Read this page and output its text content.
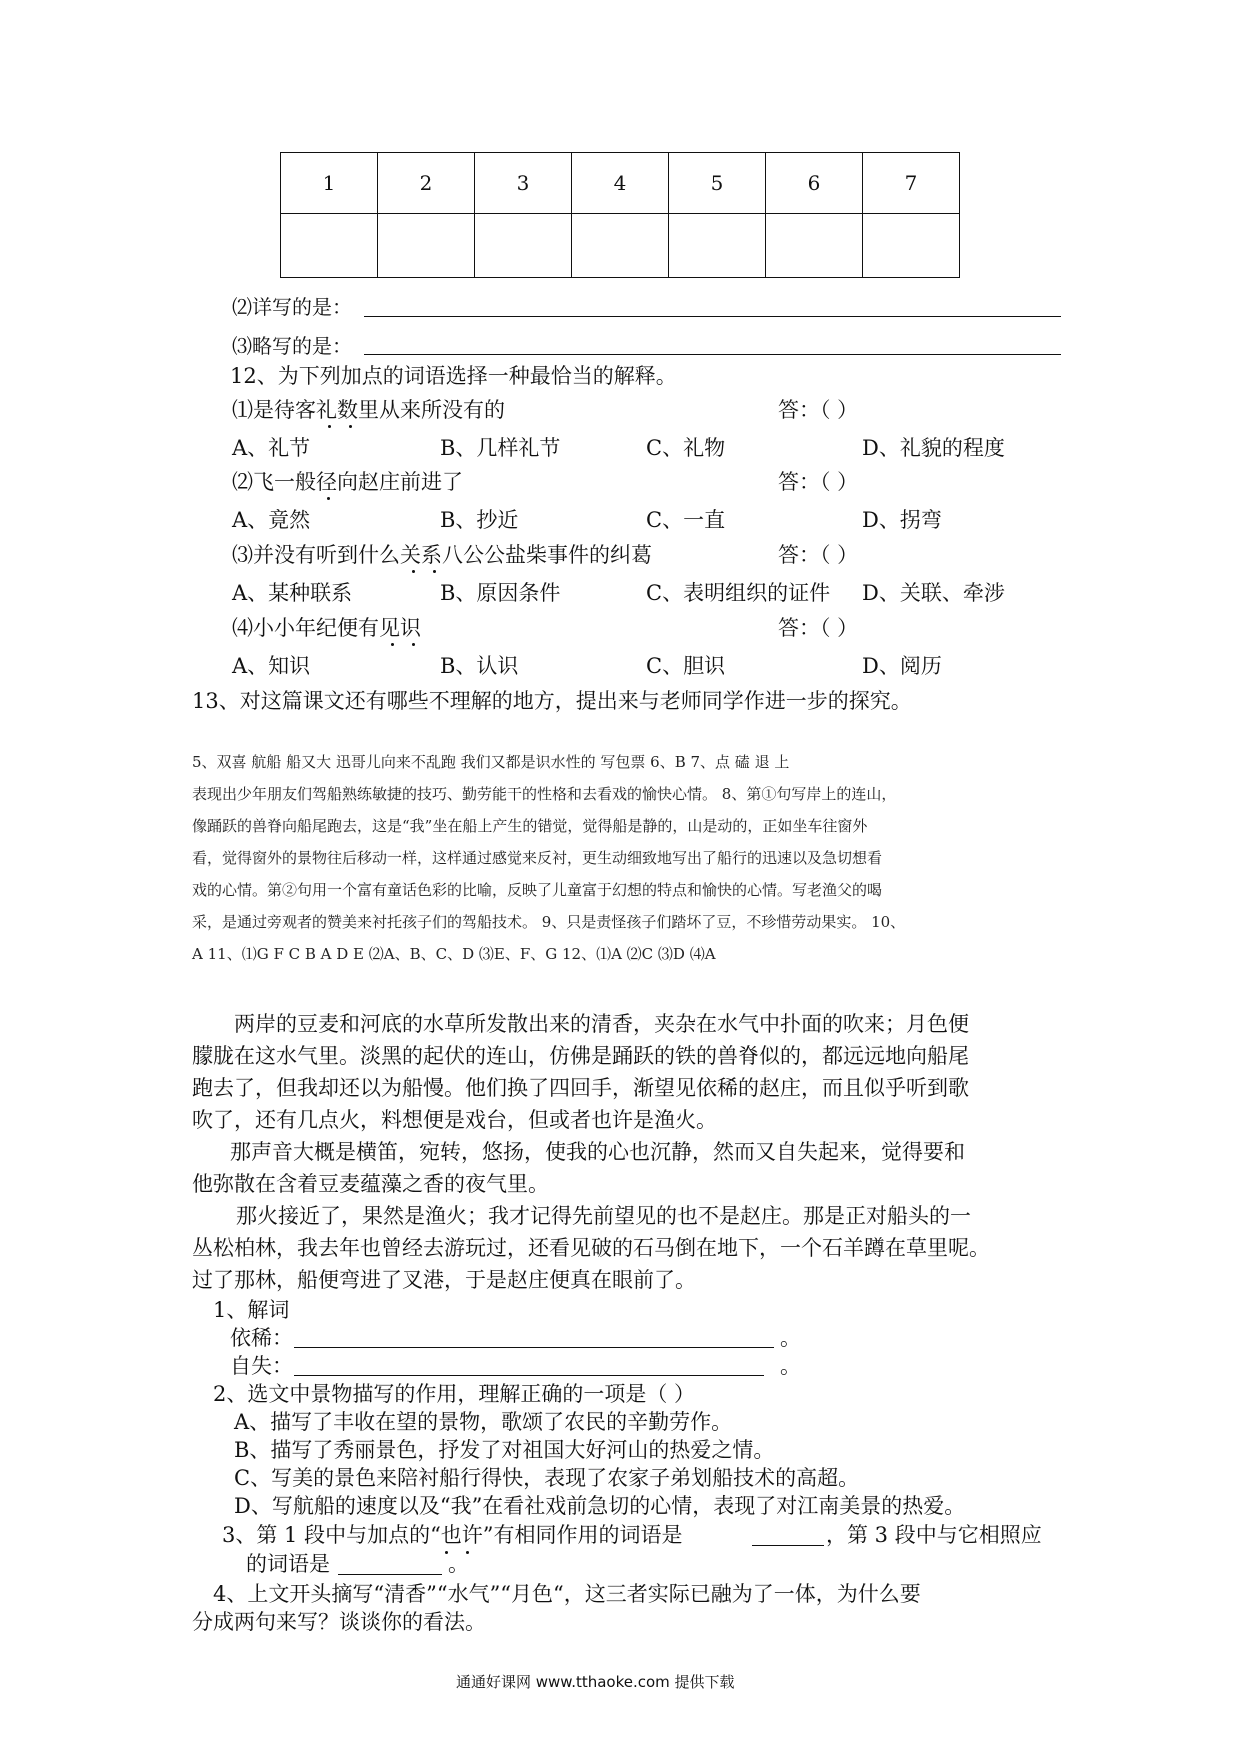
1	2	3	4	5	6	7

⑵详写的是：
⑶略写的是：
12、为下列加点的词语选择一种最恰当的解释。
⑴是待客礼数里从来所没有的	答：（ ）
A、礼节	B、几样礼节	C、礼物	D、礼貌的程度
⑵飞一般径向赵庄前进了	答：（ ）
A、竟然	B、抄近	C、一直	D、拐弯
⑶并没有听到什么关系八公公盐柴事件的纠葛	答：（ ）
A、某种联系	B、原因条件	C、表明组织的证件 D、关联、牵涉
⑷小小年纪便有见识	答：（ ）
A、知识	B、认识	C、胆识	D、阅历
13、对这篇课文还有哪些不理解的地方，提出来与老师同学作进一步的探究。
5、双喜 航船 船又大 迅哥儿向来不乱跑 我们又都是识水性的 写包票 6、B 7、点 磕 退 上
表现出少年朋友们驾船熟练敏捷的技巧、勤劳能干的性格和去看戏的愉快心情。 8、第①句写岸上的连山，
像踊跃的兽脊向船尾跑去，这是“我”坐在船上产生的错觉，觉得船是静的，山是动的，正如坐车往窗外
看，觉得窗外的景物往后移动一样，这样通过感觉来反衬，更生动细致地写出了船行的迅速以及急切想看
戏的心情。第②句用一个富有童话色彩的比喻，反映了儿童富于幻想的特点和愉快的心情。写老渔父的喝
采，是通过旁观者的赞美来衬托孩子们的驾船技术。 9、只是责怪孩子们踏坏了豆，不珍惜劳动果实。 10、
A 11、⑴G F C B A D E ⑵A、B、C、D ⑶E、F、G 12、⑴A ⑵C ⑶D ⑷A
两岸的豆麦和河底的水草所发散出来的清香，夹杂在水气中扑面的吹来；月色便
朦胧在这水气里。淡黑的起伏的连山，仿佛是踊跃的铁的兽脊似的，都远远地向船尾
跑去了，但我却还以为船慢。他们换了四回手，渐望见依稀的赵庄，而且似乎听到歌
吹了，还有几点火，料想便是戏台，但或者也许是渔火。
那声音大概是横笛，宛转，悠扬，使我的心也沉静，然而又自失起来，觉得要和
他弥散在含着豆麦蕴藻之香的夜气里。
那火接近了，果然是渔火；我才记得先前望见的也不是赵庄。那是正对船头的一
丛松柏林，我去年也曾经去游玩过，还看见破的石马倒在地下，一个石羊蹲在草里呢。
过了那林，船便弯进了叉港，于是赵庄便真在眼前了。
1、解词
依稀：	。
自失：	。
2、选文中景物描写的作用，理解正确的一项是（ ）
A、描写了丰收在望的景物，歌颂了农民的辛勤劳作。
B、描写了秀丽景色，抒发了对祖国大好河山的热爱之情。
C、写美的景色来陪衬船行得快，表现了农家子弟划船技术的高超。
D、写航船的速度以及“我”在看社戏前急切的心情，表现了对江南美景的热爱。
3、第 1 段中与加点的“也许”有相同作用的词语是	，第 3 段中与它相照应
的词语是	。
4、上文开头摘写“清香”“水气”“月色“，这三者实际已融为了一体，为什么要
分成两句来写？谈谈你的看法。
通通好课网 www.tthaoke.com 提供下载
